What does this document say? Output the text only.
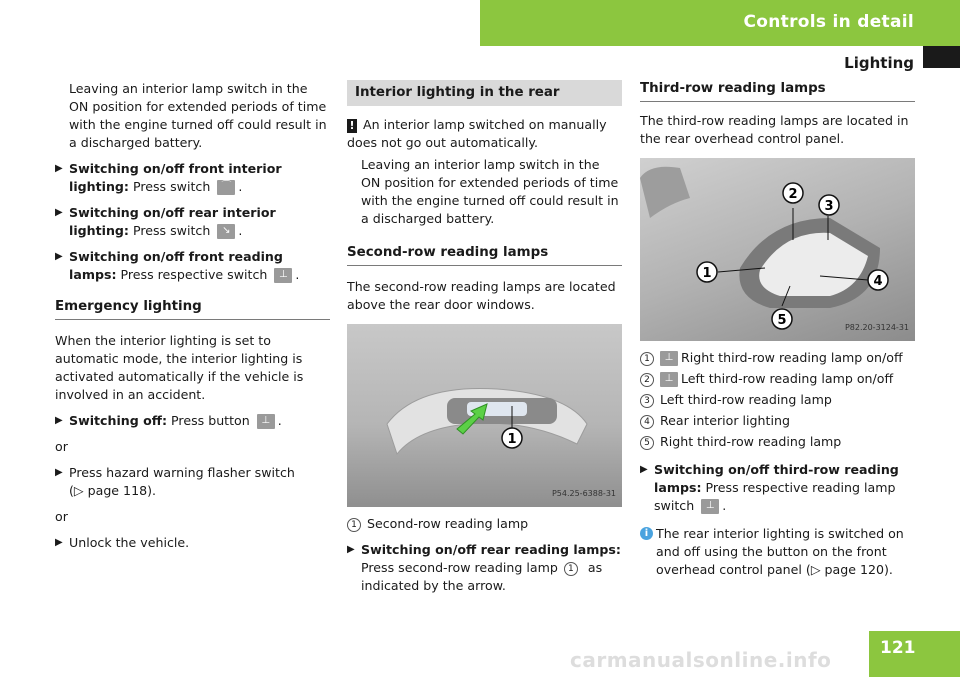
Controls in detail
Lighting

Leaving an interior lamp switch in the ON position for extended periods of time with the engine turned off could result in a discharged battery.

▶ Switching on/off front interior lighting: Press switch ⌒ .
▶ Switching on/off rear interior lighting: Press switch ↘ .
▶ Switching on/off front reading lamps: Press respective switch ⊥ .
Emergency lighting

When the interior lighting is set to automatic mode, the interior lighting is activated automatically if the vehicle is involved in an accident.

▶ Switching off: Press button ⊥ .

or

▶ Press hazard warning flasher switch
(▷ page 118).

or

▶ Unlock the vehicle.
Interior lighting in the rear

! An interior lamp switched on manually does not go out automatically.

Leaving an interior lamp switch in the ON position for extended periods of time with the engine turned off could result in a discharged battery.

Second-row reading lamps

The second-row reading lamps are located above the rear door windows.

1
P54.25-6388-31

1 Second-row reading lamp

▶ Switching on/off rear reading lamps:
Press second-row reading lamp 1 as indicated by the arrow.
Third-row reading lamps

The third-row reading lamps are located in the rear overhead control panel.

1
2
3
4
5	P82.20-3124-31

1 ⊥ Right third-row reading lamp on/off

2 ⊥ Left third-row reading lamp on/off

3 Left third-row reading lamp

4 Rear interior lighting

5 Right third-row reading lamp

▶ Switching on/off third-row reading lamps: Press respective reading lamp switch ⊥ .
i The rear interior lighting is switched on and off using the button on the front overhead control panel (▷ page 120).
carmanualsonline.info	121
